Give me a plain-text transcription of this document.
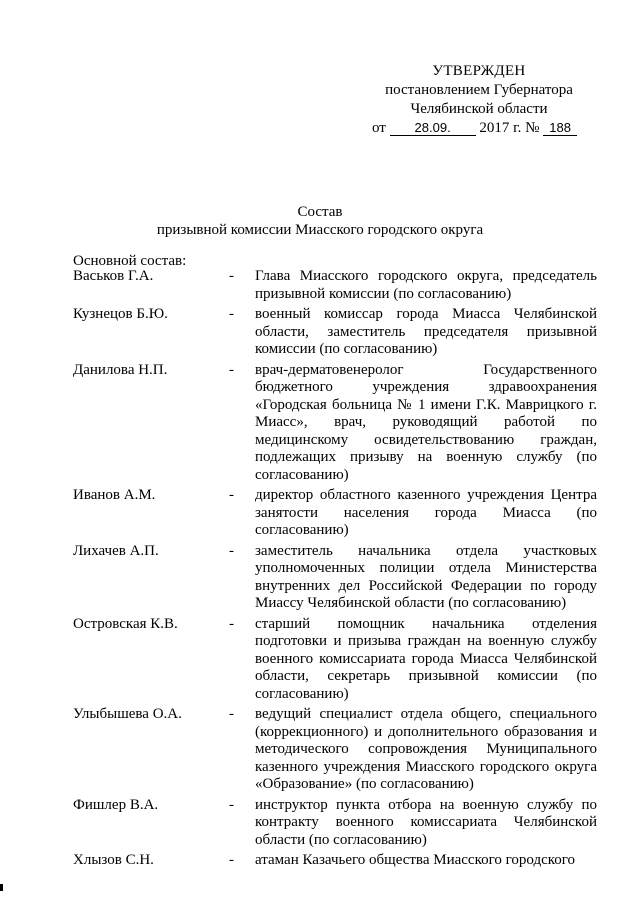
УТВЕРЖДЕН
постановлением Губернатора
Челябинской области
от 28.09. 2017 г. № 188
Состав
призывной комиссии Миасского городского округа
Основной состав:
Васьков Г.А.	-	Глава Миасского городского округа, председатель призывной комиссии (по согласованию)
Кузнецов Б.Ю.	-	военный комиссар города Миасса Челябинской области, заместитель председателя призывной комиссии (по согласованию)
Данилова Н.П.	-	врач-дерматовенеролог Государственного бюджетного учреждения здравоохранения «Городская больница № 1 имени Г.К. Маврицкого г. Миасс», врач, руководящий работой по медицинскому освидетельствованию граждан, подлежащих призыву на военную службу (по согласованию)
Иванов А.М.	-	директор областного казенного учреждения Центра занятости населения города Миасса (по согласованию)
Лихачев А.П.	-	заместитель начальника отдела участковых уполномоченных полиции отдела Министерства внутренних дел Российской Федерации по городу Миассу Челябинской области (по согласованию)
Островская К.В.	-	старший помощник начальника отделения подготовки и призыва граждан на военную службу военного комиссариата города Миасса Челябинской области, секретарь призывной комиссии (по согласованию)
Улыбышева О.А.	-	ведущий специалист отдела общего, специального (коррекционного) и дополнительного образования и методического сопровождения Муниципального казенного учреждения Миасского городского округа «Образование» (по согласованию)
Фишлер В.А.	-	инструктор пункта отбора на военную службу по контракту военного комиссариата Челябинской области (по согласованию)
Хлызов С.Н.	-	атаман Казачьего общества Миасского городского
